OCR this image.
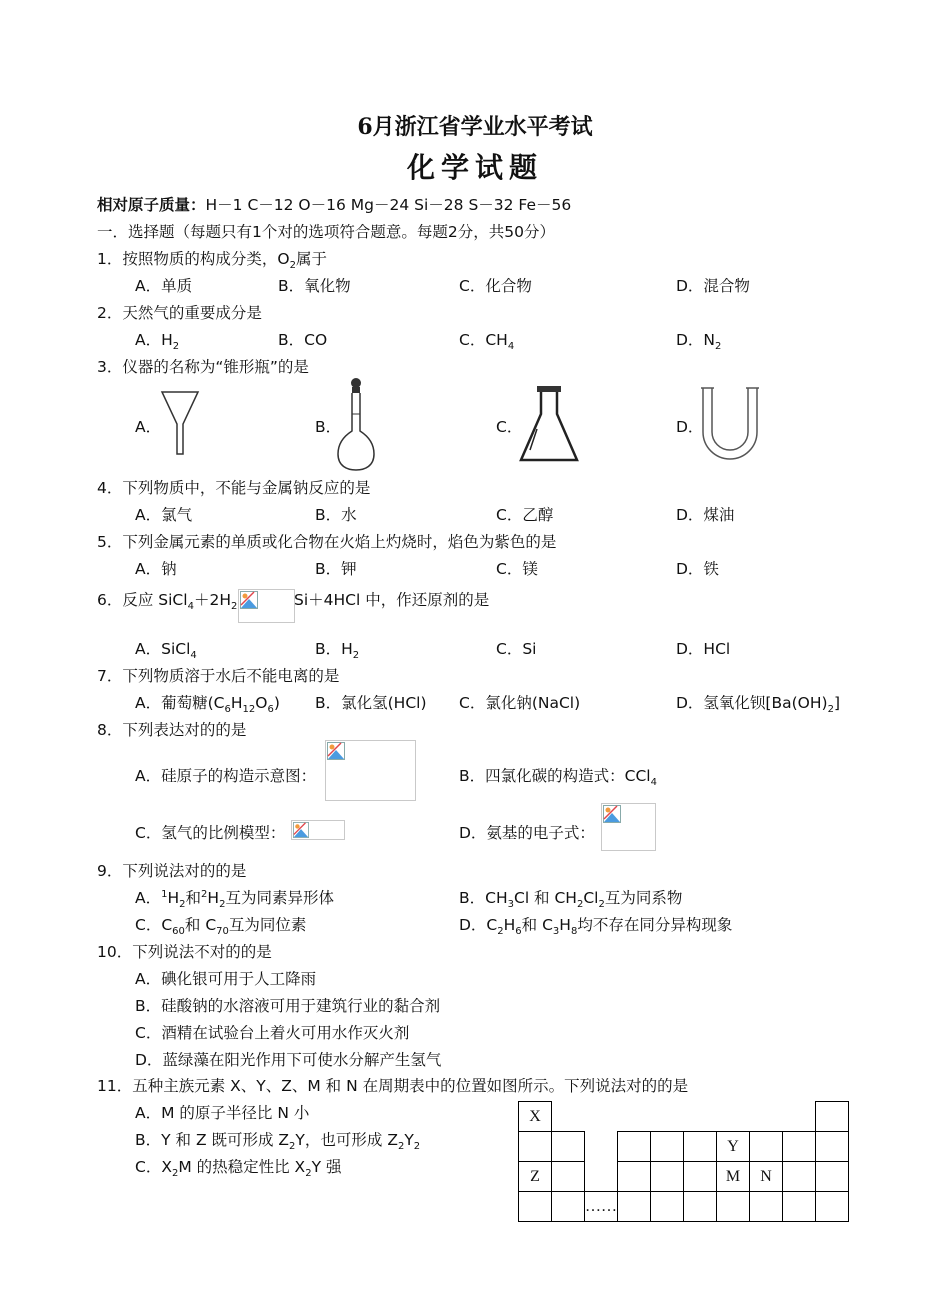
6月浙江省学业水平考试
化学试题
相对原子质量：H－1 C－12 O－16 Mg－24 Si－28 S－32 Fe－56
一．选择题（每题只有1个对的选项符合题意。每题2分，共50分）
1．按照物质的构成分类，$O_2$属于
A．单质	B．氧化物	C．化合物	D．混合物
2．天然气的重要成分是
A．$H_2$	B．CO	C．$CH_4$	D．$N_2$
3．仪器的名称为“锥形瓶”的是
A．	B．	C．	D．
4．下列物质中，不能与金属钠反应的是
A．氯气	B．水	C．乙醇	D．煤油
5．下列金属元素的单质或化合物在火焰上灼烧时，焰色为紫色的是
A．钠	B．钾	C．镁	D．铁
6．反应 $SiCl_4+2H_2$	Si＋4HCl 中，作还原剂的是
A．SiCl$_4$	B．$H_2$	C．Si	D．HCl
7．下列物质溶于水后不能电离的是
A．葡萄糖$(C_6H_{12}O_6)$ B．氯化氢(HCl) C．氯化钠(NaCl)	D．氢氧化钡$[Ba(OH)_2]$
8．下列表达对的的是
A．硅原子的构造示意图：	B．四氯化碳的构造式：CCl$_4$
C．氢气的比例模型：	D．氨基的电子式：
9．下列说法对的的是
A．$^1H_2$和$^2H_2$互为同素异形体	B．$CH_3Cl$ 和 $CH_2Cl_2$互为同系物
C．$C_{60}$和 $C_{70}$互为同位素	D．$C_2H_6$和 $C_3H_8$均不存在同分异构现象
10．下列说法不对的的是
A．碘化银可用于人工降雨
B．硅酸钠的水溶液可用于建筑行业的黏合剂
C．酒精在试验台上着火可用水作灭火剂
D．蓝绿藻在阳光作用下可使水分解产生氢气
11．五种主族元素 X、Y、Z、M 和 N 在周期表中的位置如图所示。下列说法对的的是
A．M 的原子半径比 N 小
B．Y 和 Z 既可形成 $Z_2Y$，也可形成 $Z_2Y_2$
C．$X_2M$ 的热稳定性比 $X_2Y$ 强
X									
						Y			
Z						M	N		
		……							
